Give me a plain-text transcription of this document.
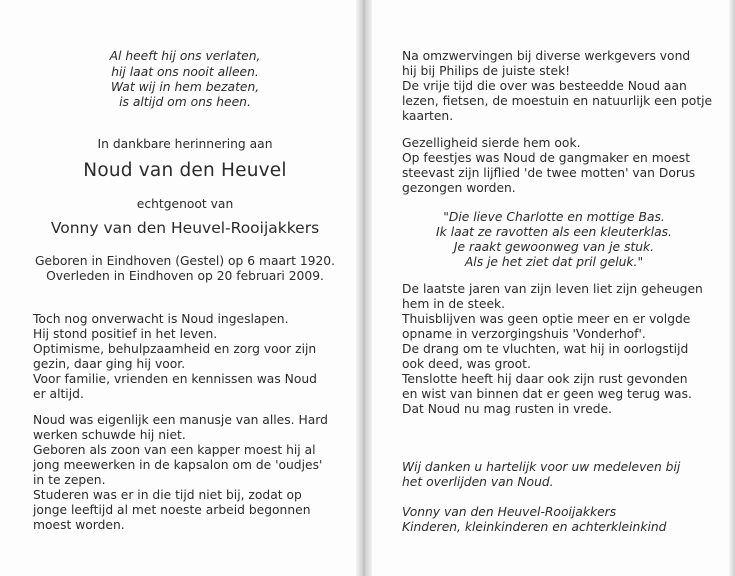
Al heeft hij ons verlaten,
hij laat ons nooit alleen.
Wat wij in hem bezaten,
is altijd om ons heen.
In dankbare herinnering aan
Noud van den Heuvel
echtgenoot van
Vonny van den Heuvel-Rooijakkers
Geboren in Eindhoven (Gestel) op 6 maart 1920.
Overleden in Eindhoven op 20 februari 2009.
Toch nog onverwacht is Noud ingeslapen.
Hij stond positief in het leven.
Optimisme, behulpzaamheid en zorg voor zijn
gezin, daar ging hij voor.
Voor familie, vrienden en kennissen was Noud
er altijd.
Noud was eigenlijk een manusje van alles. Hard
werken schuwde hij niet.
Geboren als zoon van een kapper moest hij al
jong meewerken in de kapsalon om de 'oudjes'
in te zepen.
Studeren was er in die tijd niet bij, zodat op
jonge leeftijd al met noeste arbeid begonnen
moest worden.
Na omzwervingen bij diverse werkgevers vond
hij bij Philips de juiste stek!
De vrije tijd die over was besteedde Noud aan
lezen, fietsen, de moestuin en natuurlijk een potje
kaarten.
Gezelligheid sierde hem ook.
Op feestjes was Noud de gangmaker en moest
steevast zijn lijflied 'de twee motten' van Dorus
gezongen worden.
"Die lieve Charlotte en mottige Bas.
Ik laat ze ravotten als een kleuterklas.
Je raakt gewoonweg van je stuk.
Als je het ziet dat pril geluk."
De laatste jaren van zijn leven liet zijn geheugen
hem in de steek.
Thuisblijven was geen optie meer en er volgde
opname in verzorgingshuis 'Vonderhof'.
De drang om te vluchten, wat hij in oorlogstijd
ook deed, was groot.
Tenslotte heeft hij daar ook zijn rust gevonden
en wist van binnen dat er geen weg terug was.
Dat Noud nu mag rusten in vrede.
Wij danken u hartelijk voor uw medeleven bij
het overlijden van Noud.
Vonny van den Heuvel-Rooijakkers
Kinderen, kleinkinderen en achterkleinkind
